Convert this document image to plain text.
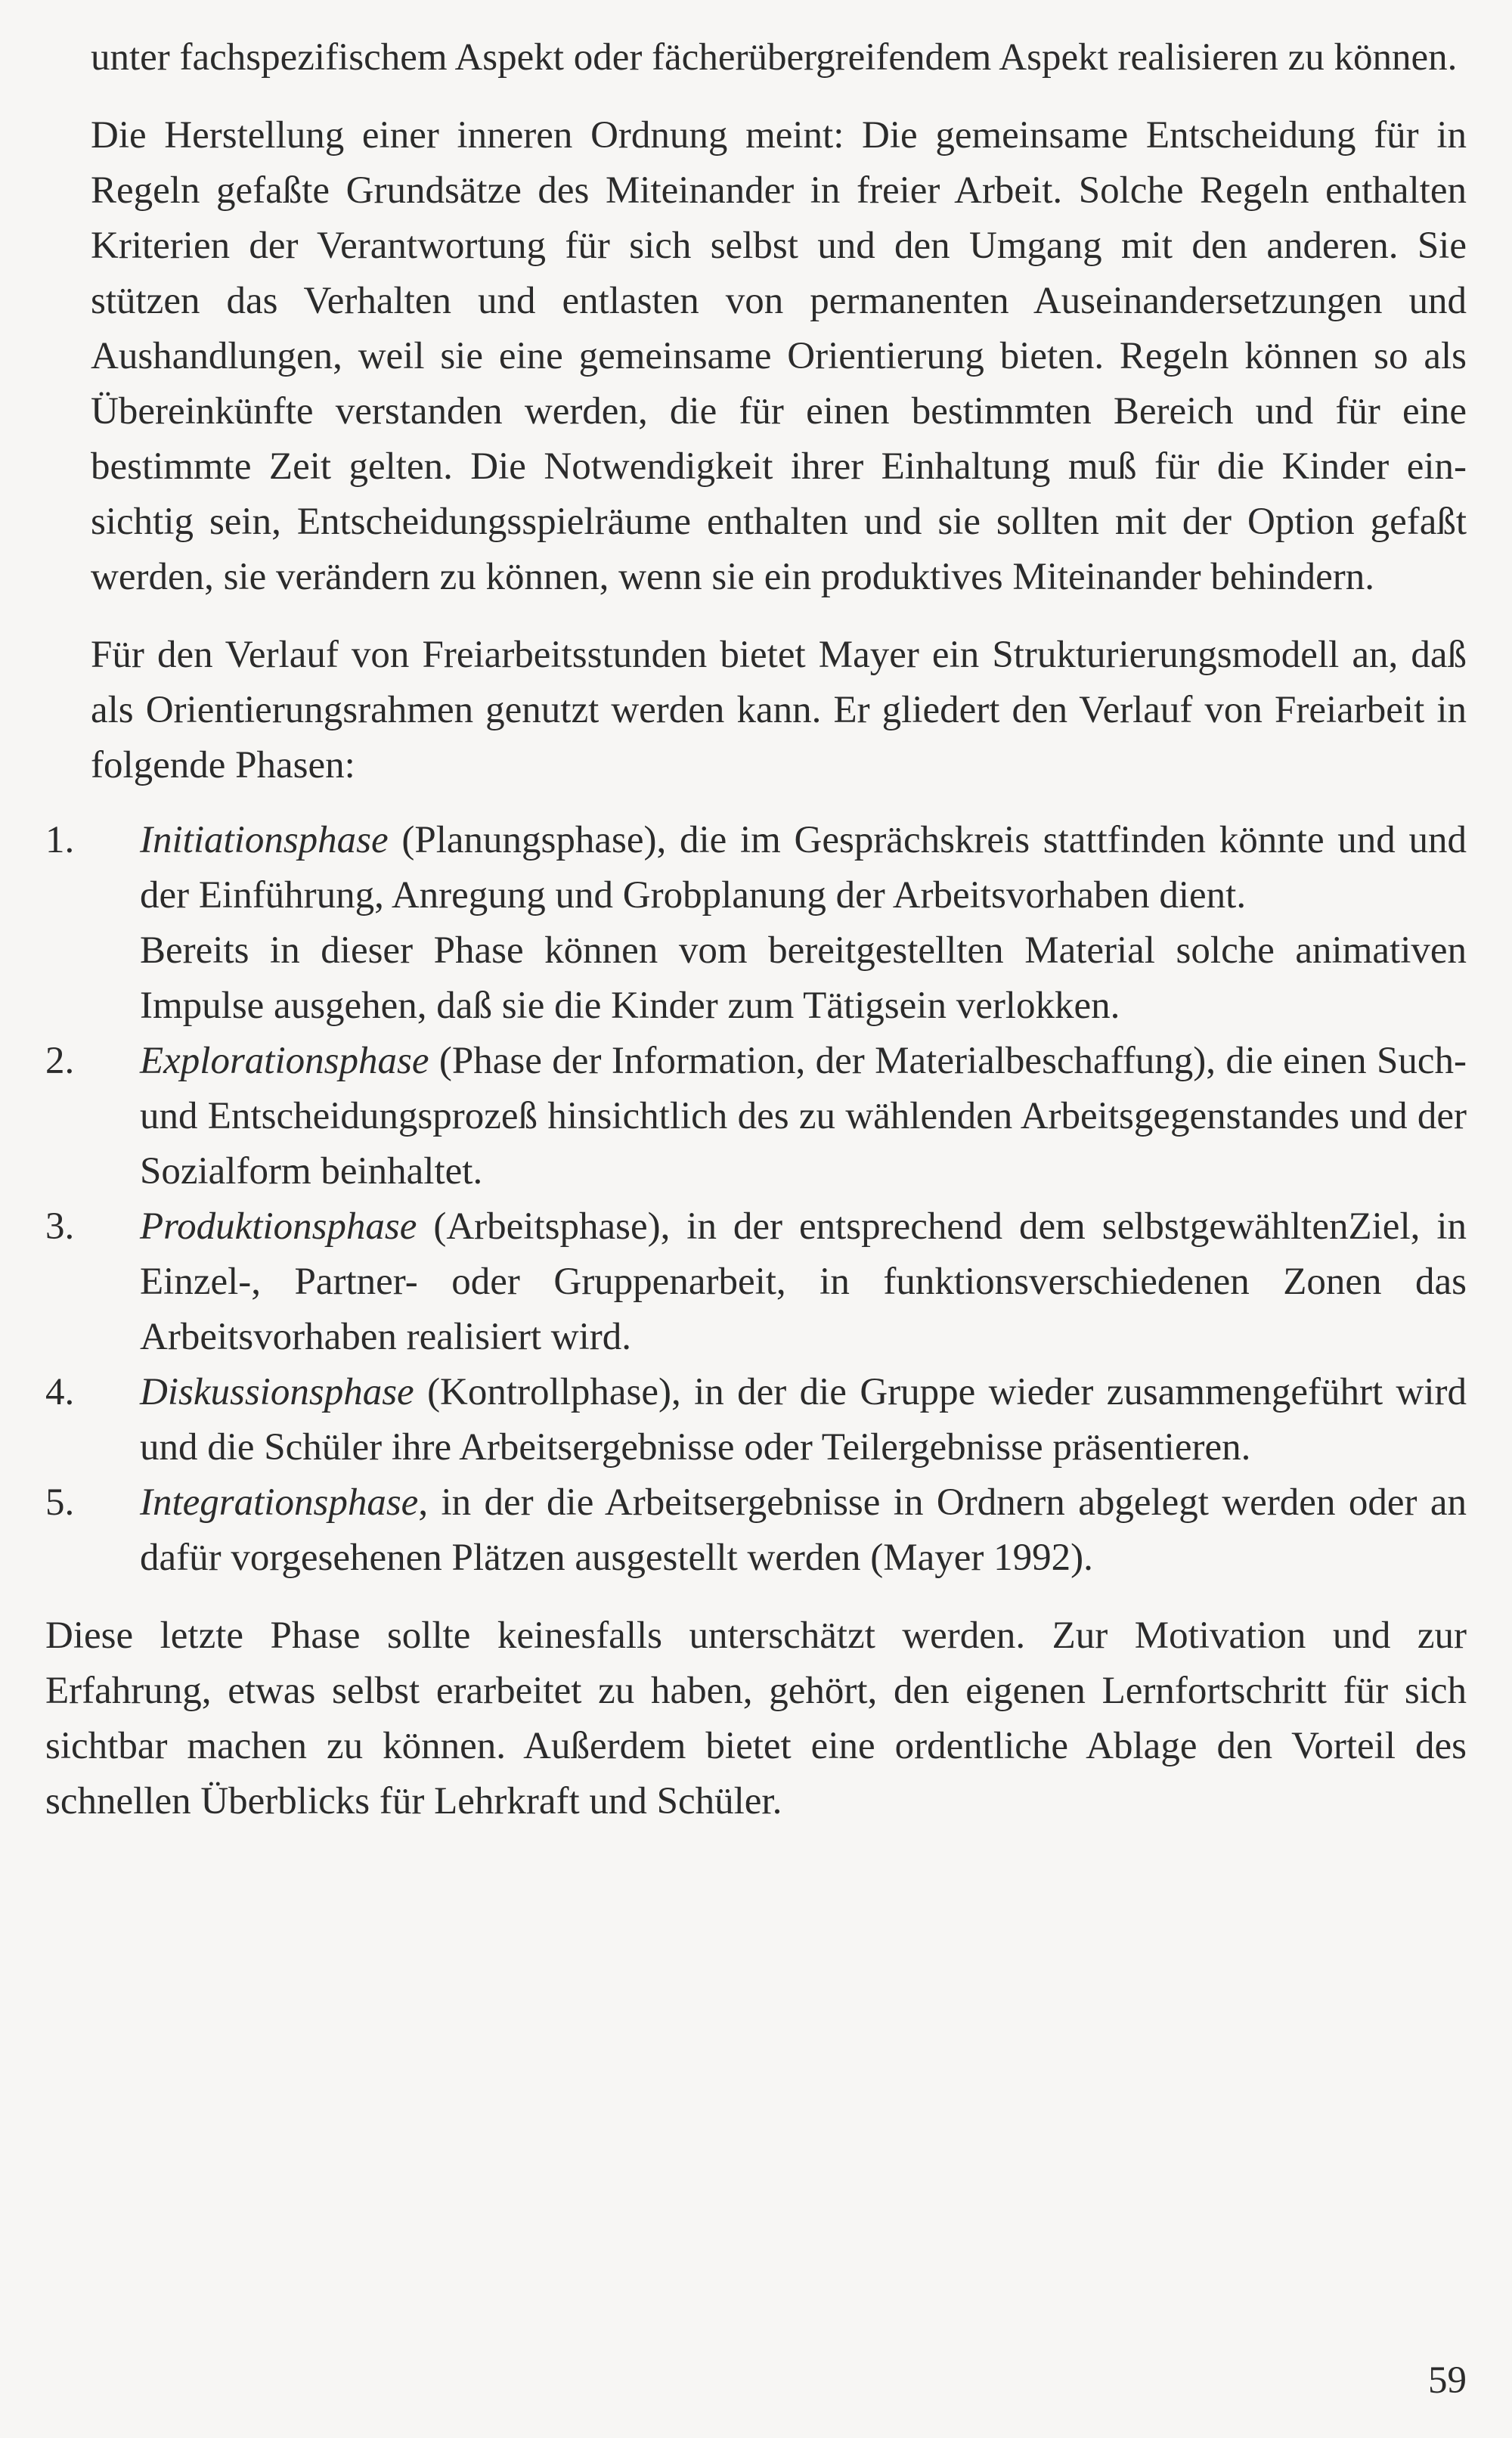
unter fachspezifischem Aspekt oder fächerübergreifendem Aspekt realisieren zu können.

Die Herstellung einer inneren Ordnung meint: Die gemeinsame Entscheidung für in Regeln gefaßte Grundsätze des Miteinander in freier Arbeit. Solche Regeln enthalten Kriterien der Verantwortung für sich selbst und den Umgang mit den anderen. Sie stützen das Verhalten und entlasten von permanenten Auseinandersetzungen und Aushandlungen, weil sie eine gemeinsame Orientierung bieten. Regeln können so als Übereinkünfte verstanden werden, die für einen bestimmten Bereich und für eine bestimmte Zeit gelten. Die Notwendigkeit ihrer Einhaltung muß für die Kinder einsichtig sein, Entscheidungsspielräume enthalten und sie sollten mit der Option gefaßt werden, sie verändern zu können, wenn sie ein produktives Miteinander behindern.

Für den Verlauf von Freiarbeitsstunden bietet Mayer ein Strukturierungsmodell an, daß als Orientierungsrahmen genutzt werden kann. Er gliedert den Verlauf von Freiarbeit in folgende Phasen:

1.	Initiationsphase (Planungsphase), die im Gesprächskreis stattfinden könnte und und der Einführung, Anregung und Grobplanung der Arbeitsvorhaben dient.
Bereits in dieser Phase können vom bereitgestellten Material solche animativen Impulse ausgehen, daß sie die Kinder zum Tätigsein verlokken.
2.	Explorationsphase (Phase der Information, der Materialbeschaffung), die einen Such- und Entscheidungsprozeß hinsichtlich des zu wählenden Arbeitsgegenstandes und der Sozialform beinhaltet.
3.	Produktionsphase (Arbeitsphase), in der entsprechend dem selbstgewähltenZiel, in Einzel-, Partner- oder Gruppenarbeit, in funktionsverschiedenen Zonen das Arbeitsvorhaben realisiert wird.
4.	Diskussionsphase (Kontrollphase), in der die Gruppe wieder zusammengeführt wird und die Schüler ihre Arbeitsergebnisse oder Teilergebnisse präsentieren.
5.	Integrationsphase, in der die Arbeitsergebnisse in Ordnern abgelegt werden oder an dafür vorgesehenen Plätzen ausgestellt werden (Mayer 1992).

Diese letzte Phase sollte keinesfalls unterschätzt werden. Zur Motivation und zur Erfahrung, etwas selbst erarbeitet zu haben, gehört, den eigenen Lernfortschritt für sich sichtbar machen zu können. Außerdem bietet eine ordentliche Ablage den Vorteil des schnellen Überblicks für Lehrkraft und Schüler.

59
